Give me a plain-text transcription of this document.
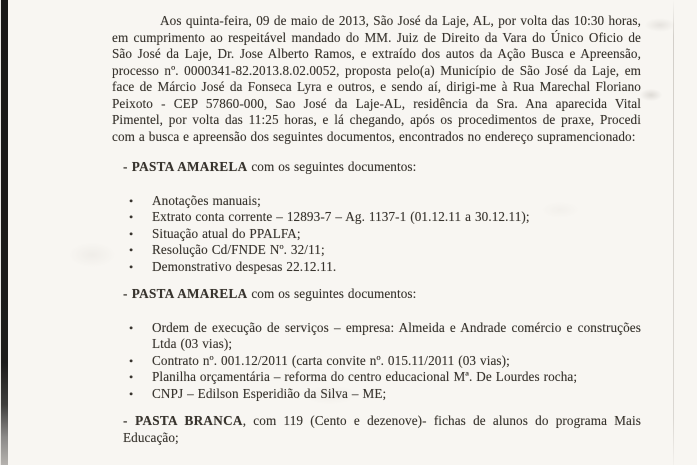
Aos quinta-feira, 09 de maio de 2013, São José da Laje, AL, por volta das 10:30 horas, em cumprimento ao respeitável mandado do MM. Juiz de Direito da Vara do Único Oficio de São José da Laje, Dr. Jose Alberto Ramos, e extraído dos autos da Ação Busca e Apreensão, processo nº. 0000341-82.2013.8.02.0052, proposta pelo(a) Município de São José da Laje, em face de Márcio José da Fonseca Lyra e outros, e sendo aí, dirigi-me à Rua Marechal Floriano Peixoto - CEP 57860-000, Sao José da Laje-AL, residência da Sra. Ana aparecida Vital Pimentel, por volta das 11:25 horas, e lá chegando, após os procedimentos de praxe, Procedi com a busca e apreensão dos seguintes documentos, encontrados no endereço supramencionado:

- PASTA AMARELA com os seguintes documentos:

• Anotações manuais;
• Extrato conta corrente – 12893-7 – Ag. 1137-1 (01.12.11 a 30.12.11);
• Situação atual do PPALFA;
• Resolução Cd/FNDE Nº. 32/11;
• Demonstrativo despesas 22.12.11.

- PASTA AMARELA com os seguintes documentos:

• Ordem de execução de serviços – empresa: Almeida e Andrade comércio e construções Ltda (03 vias);
• Contrato nº. 001.12/2011 (carta convite nº. 015.11/2011 (03 vias);
• Planilha orçamentária – reforma do centro educacional Mª. De Lourdes rocha;
• CNPJ – Edilson Esperidião da Silva – ME;

- PASTA BRANCA, com 119 (Cento e dezenove)- fichas de alunos do programa Mais Educação;
